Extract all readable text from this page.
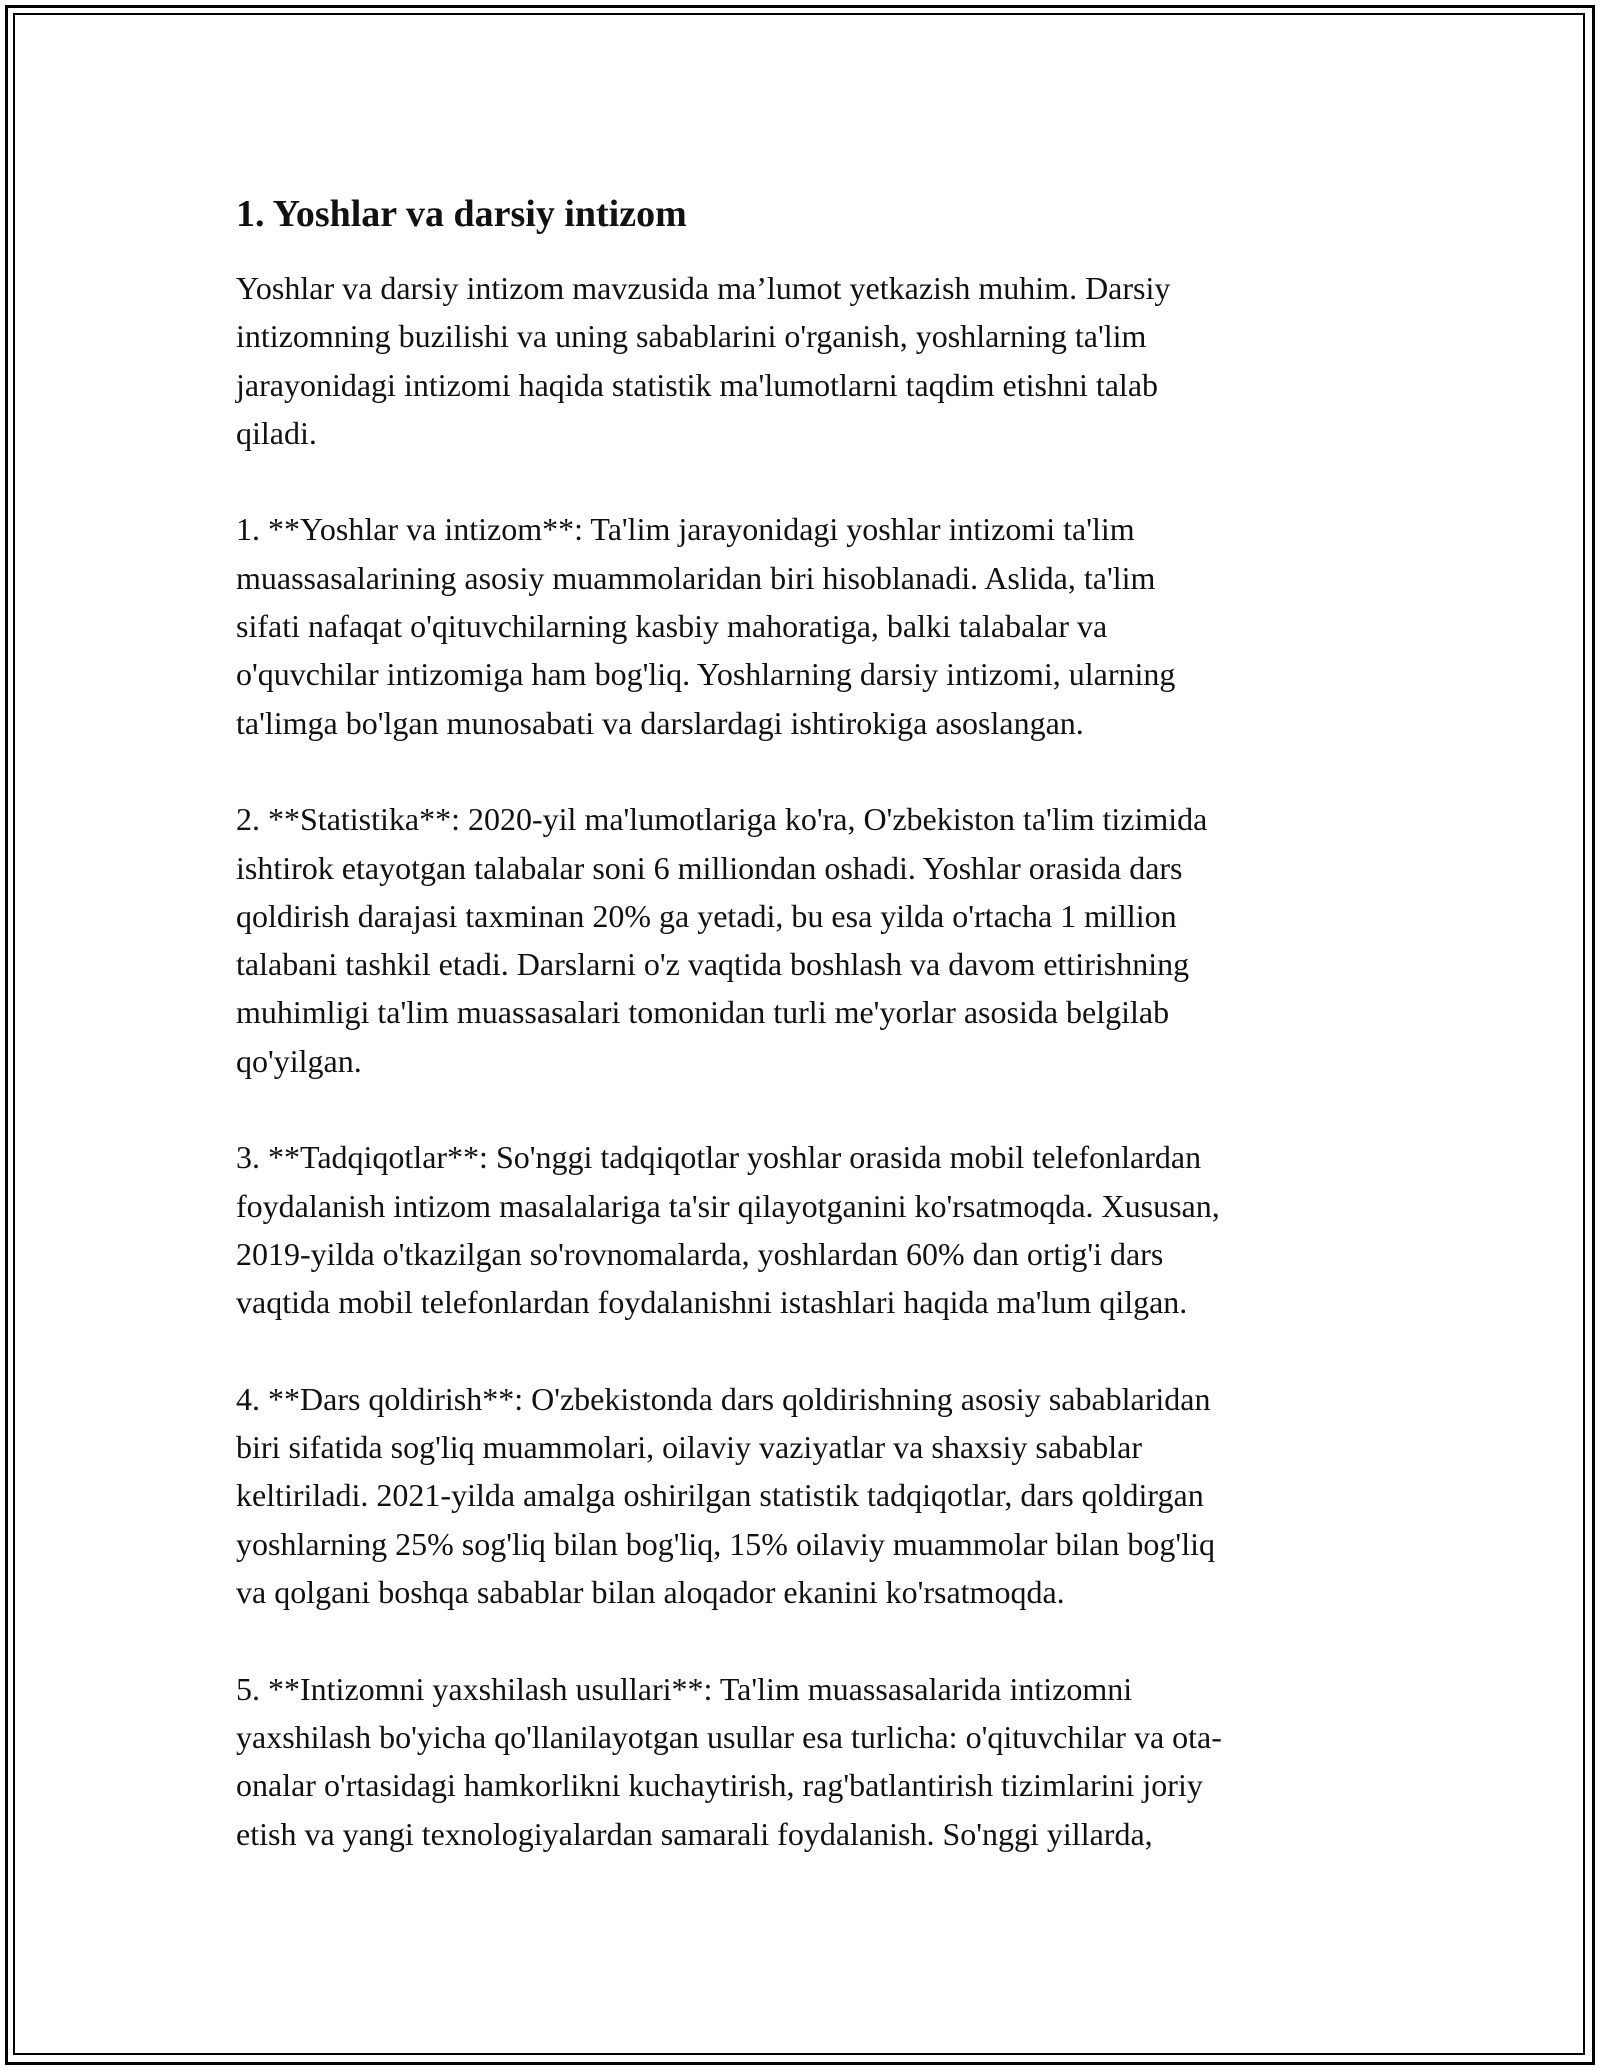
1. Yoshlar va darsiy intizom

Yoshlar va darsiy intizom mavzusida ma’lumot yetkazish muhim. Darsiy
intizomning buzilishi va uning sabablarini o'rganish, yoshlarning ta'lim
jarayonidagi intizomi haqida statistik ma'lumotlarni taqdim etishni talab
qiladi.

1. **Yoshlar va intizom**: Ta'lim jarayonidagi yoshlar intizomi ta'lim
muassasalarining asosiy muammolaridan biri hisoblanadi. Aslida, ta'lim
sifati nafaqat o'qituvchilarning kasbiy mahoratiga, balki talabalar va
o'quvchilar intizomiga ham bog'liq. Yoshlarning darsiy intizomi, ularning
ta'limga bo'lgan munosabati va darslardagi ishtirokiga asoslangan.

2. **Statistika**: 2020-yil ma'lumotlariga ko'ra, O'zbekiston ta'lim tizimida
ishtirok etayotgan talabalar soni 6 milliondan oshadi. Yoshlar orasida dars
qoldirish darajasi taxminan 20% ga yetadi, bu esa yilda o'rtacha 1 million
talabani tashkil etadi. Darslarni o'z vaqtida boshlash va davom ettirishning
muhimligi ta'lim muassasalari tomonidan turli me'yorlar asosida belgilab
qo'yilgan.

3. **Tadqiqotlar**: So'nggi tadqiqotlar yoshlar orasida mobil telefonlardan
foydalanish intizom masalalariga ta'sir qilayotganini ko'rsatmoqda. Xususan,
2019-yilda o'tkazilgan so'rovnomalarda, yoshlardan 60% dan ortig'i dars
vaqtida mobil telefonlardan foydalanishni istashlari haqida ma'lum qilgan.

4. **Dars qoldirish**: O'zbekistonda dars qoldirishning asosiy sabablaridan
biri sifatida sog'liq muammolari, oilaviy vaziyatlar va shaxsiy sabablar
keltiriladi. 2021-yilda amalga oshirilgan statistik tadqiqotlar, dars qoldirgan
yoshlarning 25% sog'liq bilan bog'liq, 15% oilaviy muammolar bilan bog'liq
va qolgani boshqa sabablar bilan aloqador ekanini ko'rsatmoqda.

5. **Intizomni yaxshilash usullari**: Ta'lim muassasalarida intizomni
yaxshilash bo'yicha qo'llanilayotgan usullar esa turlicha: o'qituvchilar va ota-
onalar o'rtasidagi hamkorlikni kuchaytirish, rag'batlantirish tizimlarini joriy
etish va yangi texnologiyalardan samarali foydalanish. So'nggi yillarda,
